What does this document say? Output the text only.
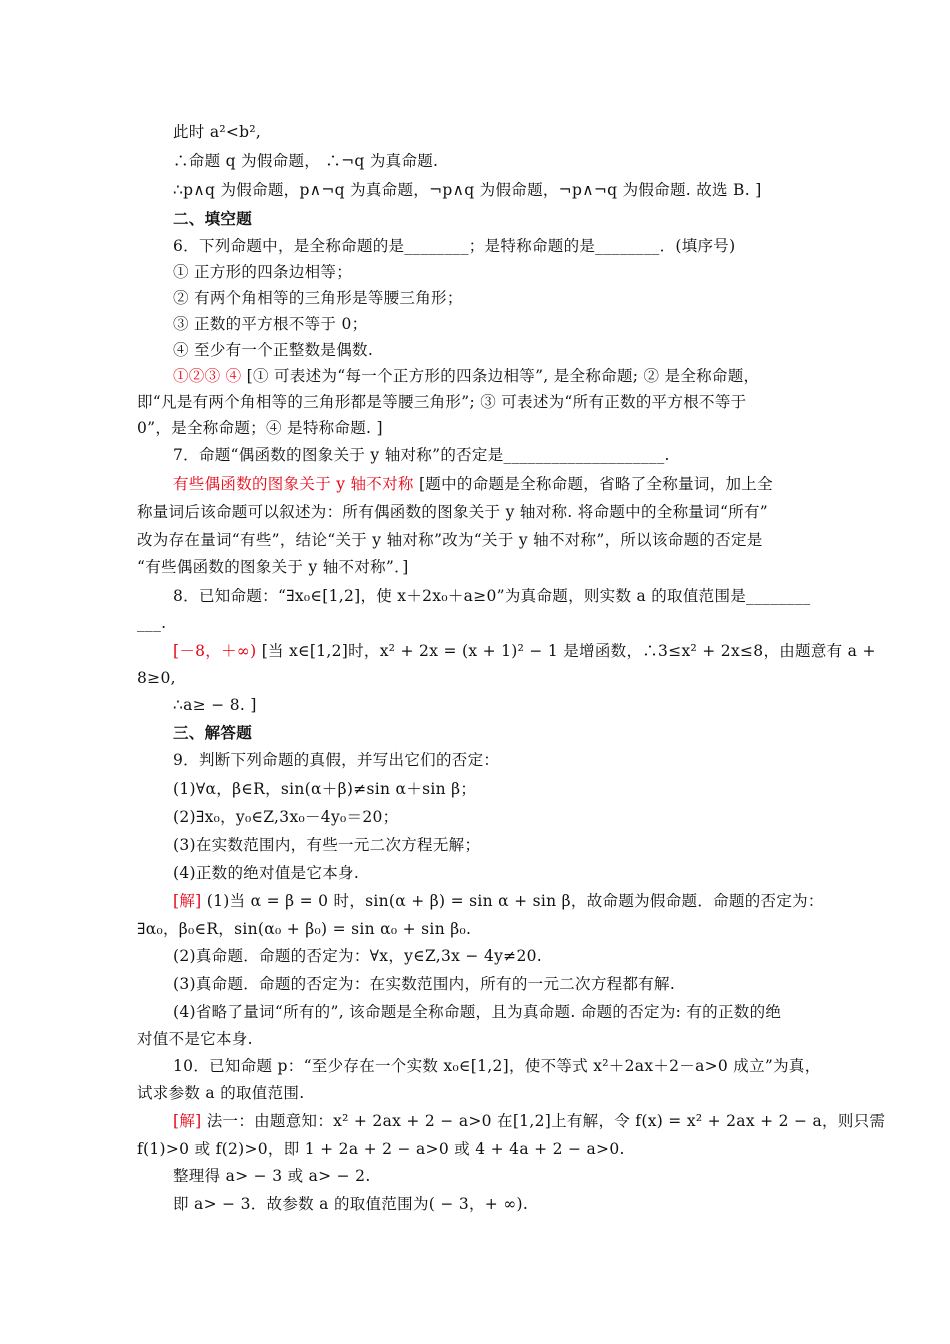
此时 a²<b²,
∴命题 q 为假命题， ∴¬q 为真命题.
∴p∧q 为假命题，p∧¬q 为真命题，¬p∧q 为假命题，¬p∧¬q 为假命题. 故选 B. ]
二、填空题
6．下列命题中，是全称命题的是________；是特称命题的是________．(填序号)
① 正方形的四条边相等；
② 有两个角相等的三角形是等腰三角形；
③ 正数的平方根不等于 0；
④ 至少有一个正整数是偶数.
①②③ ④ [① 可表述为“每一个正方形的四条边相等”, 是全称命题; ② 是全称命题，
即“凡是有两个角相等的三角形都是等腰三角形”; ③ 可表述为“所有正数的平方根不等于
0”，是全称命题；④ 是特称命题. ]
7．命题“偶函数的图象关于 y 轴对称”的否定是____________________.
有些偶函数的图象关于 y 轴不对称 [题中的命题是全称命题，省略了全称量词，加上全
称量词后该命题可以叙述为：所有偶函数的图象关于 y 轴对称. 将命题中的全称量词“所有”
改为存在量词“有些”，结论“关于 y 轴对称”改为“关于 y 轴不对称”，所以该命题的否定是
“有些偶函数的图象关于 y 轴不对称”．]
8．已知命题：“∃x₀∈[1,2]，使 x＋2x₀＋a≥0”为真命题，则实数 a 的取值范围是________
___.
[－8，＋∞) [当 x∈[1,2]时，x² + 2x = (x + 1)² − 1 是增函数，∴3≤x² + 2x≤8，由题意有 a +
8≥0,
∴a≥ − 8. ]
三、解答题
9．判断下列命题的真假，并写出它们的否定：
(1)∀α，β∈R，sin(α＋β)≠sin α＋sin β；
(2)∃x₀，y₀∈Z,3x₀－4y₀＝20；
(3)在实数范围内，有些一元二次方程无解；
(4)正数的绝对值是它本身.
[解] (1)当 α = β = 0 时，sin(α + β) = sin α + sin β，故命题为假命题．命题的否定为：
∃α₀，β₀∈R，sin(α₀ + β₀) = sin α₀ + sin β₀.
(2)真命题．命题的否定为：∀x，y∈Z,3x − 4y≠20.
(3)真命题．命题的否定为：在实数范围内，所有的一元二次方程都有解.
(4)省略了量词“所有的”, 该命题是全称命题，且为真命题. 命题的否定为: 有的正数的绝
对值不是它本身.
10．已知命题 p：“至少存在一个实数 x₀∈[1,2]，使不等式 x²＋2ax＋2－a>0 成立”为真，
试求参数 a 的取值范围.
[解] 法一：由题意知：x² + 2ax + 2 − a>0 在[1,2]上有解，令 f(x) = x² + 2ax + 2 − a，则只需
f(1)>0 或 f(2)>0，即 1 + 2a + 2 − a>0 或 4 + 4a + 2 − a>0.
整理得 a> − 3 或 a> − 2.
即 a> − 3．故参数 a 的取值范围为( − 3，+ ∞).
